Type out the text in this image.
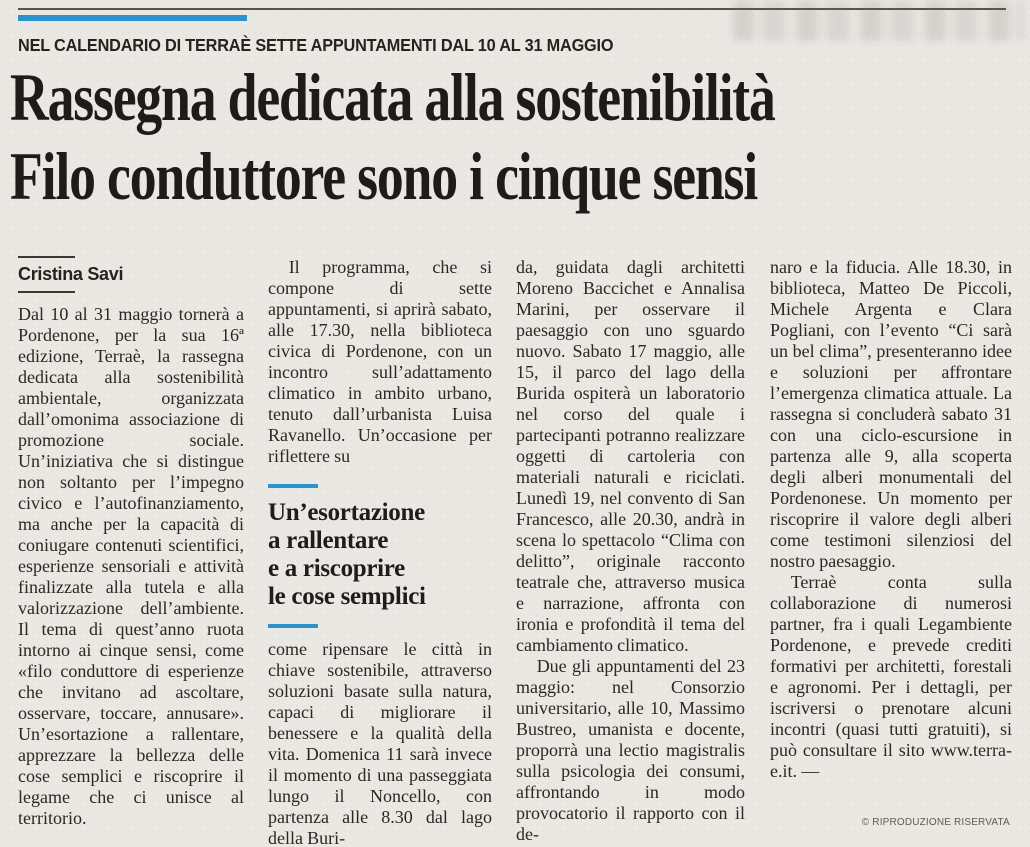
NEL CALENDARIO DI TERRAÈ SETTE APPUNTAMENTI DAL 10 AL 31 MAGGIO
Rassegna dedicata alla sostenibilità
Filo conduttore sono i cinque sensi
Cristina Savi

Dal 10 al 31 maggio tornerà a Pordenone, per la sua 16ª edizione, Terraè, la rassegna dedicata alla sostenibilità ambientale, organizzata dall’omonima associazione di promozione sociale. Un’iniziativa che si distingue non soltanto per l’impegno civico e l’autofinanziamento, ma anche per la capacità di coniugare contenuti scientifici, esperienze sensoriali e attività finalizzate alla tutela e alla valorizzazione dell’ambiente. Il tema di quest’anno ruota intorno ai cinque sensi, come «filo conduttore di esperienze che invitano ad ascoltare, osservare, toccare, annusare». Un’esortazione a rallentare, apprezzare la bellezza delle cose semplici e riscoprire il legame che ci unisce al territorio.

Il programma, che si compone di sette appuntamenti, si aprirà sabato, alle 17.30, nella biblioteca civica di Pordenone, con un incontro sull’adattamento climatico in ambito urbano, tenuto dall’urbanista Luisa Ravanello. Un’occasione per riflettere su

Un’esortazione
a rallentare
e a riscoprire
le cose semplici

come ripensare le città in chiave sostenibile, attraverso soluzioni basate sulla natura, capaci di migliorare il benessere e la qualità della vita. Domenica 11 sarà invece il momento di una passeggiata lungo il Noncello, con partenza alle 8.30 dal lago della Buri-

da, guidata dagli architetti Moreno Baccichet e Annalisa Marini, per osservare il paesaggio con uno sguardo nuovo. Sabato 17 maggio, alle 15, il parco del lago della Burida ospiterà un laboratorio nel corso del quale i partecipanti potranno realizzare oggetti di cartoleria con materiali naturali e riciclati. Lunedì 19, nel convento di San Francesco, alle 20.30, andrà in scena lo spettacolo “Clima con delitto”, originale racconto teatrale che, attraverso musica e narrazione, affronta con ironia e profondità il tema del cambiamento climatico.

Due gli appuntamenti del 23 maggio: nel Consorzio universitario, alle 10, Massimo Bustreo, umanista e docente, proporrà una lectio magistralis sulla psicologia dei consumi, affrontando in modo provocatorio il rapporto con il de-

naro e la fiducia. Alle 18.30, in biblioteca, Matteo De Piccoli, Michele Argenta e Clara Pogliani, con l’evento “Ci sarà un bel clima”, presenteranno idee e soluzioni per affrontare l’emergenza climatica attuale. La rassegna si concluderà sabato 31 con una ciclo-escursione in partenza alle 9, alla scoperta degli alberi monumentali del Pordenonese. Un momento per riscoprire il valore degli alberi come testimoni silenziosi del nostro paesaggio.

Terraè conta sulla collaborazione di numerosi partner, fra i quali Legambiente Pordenone, e prevede crediti formativi per architetti, forestali e agronomi. Per i dettagli, per iscriversi o prenotare alcuni incontri (quasi tutti gratuiti), si può consultare il sito www.terra-e.it. —

© RIPRODUZIONE RISERVATA
